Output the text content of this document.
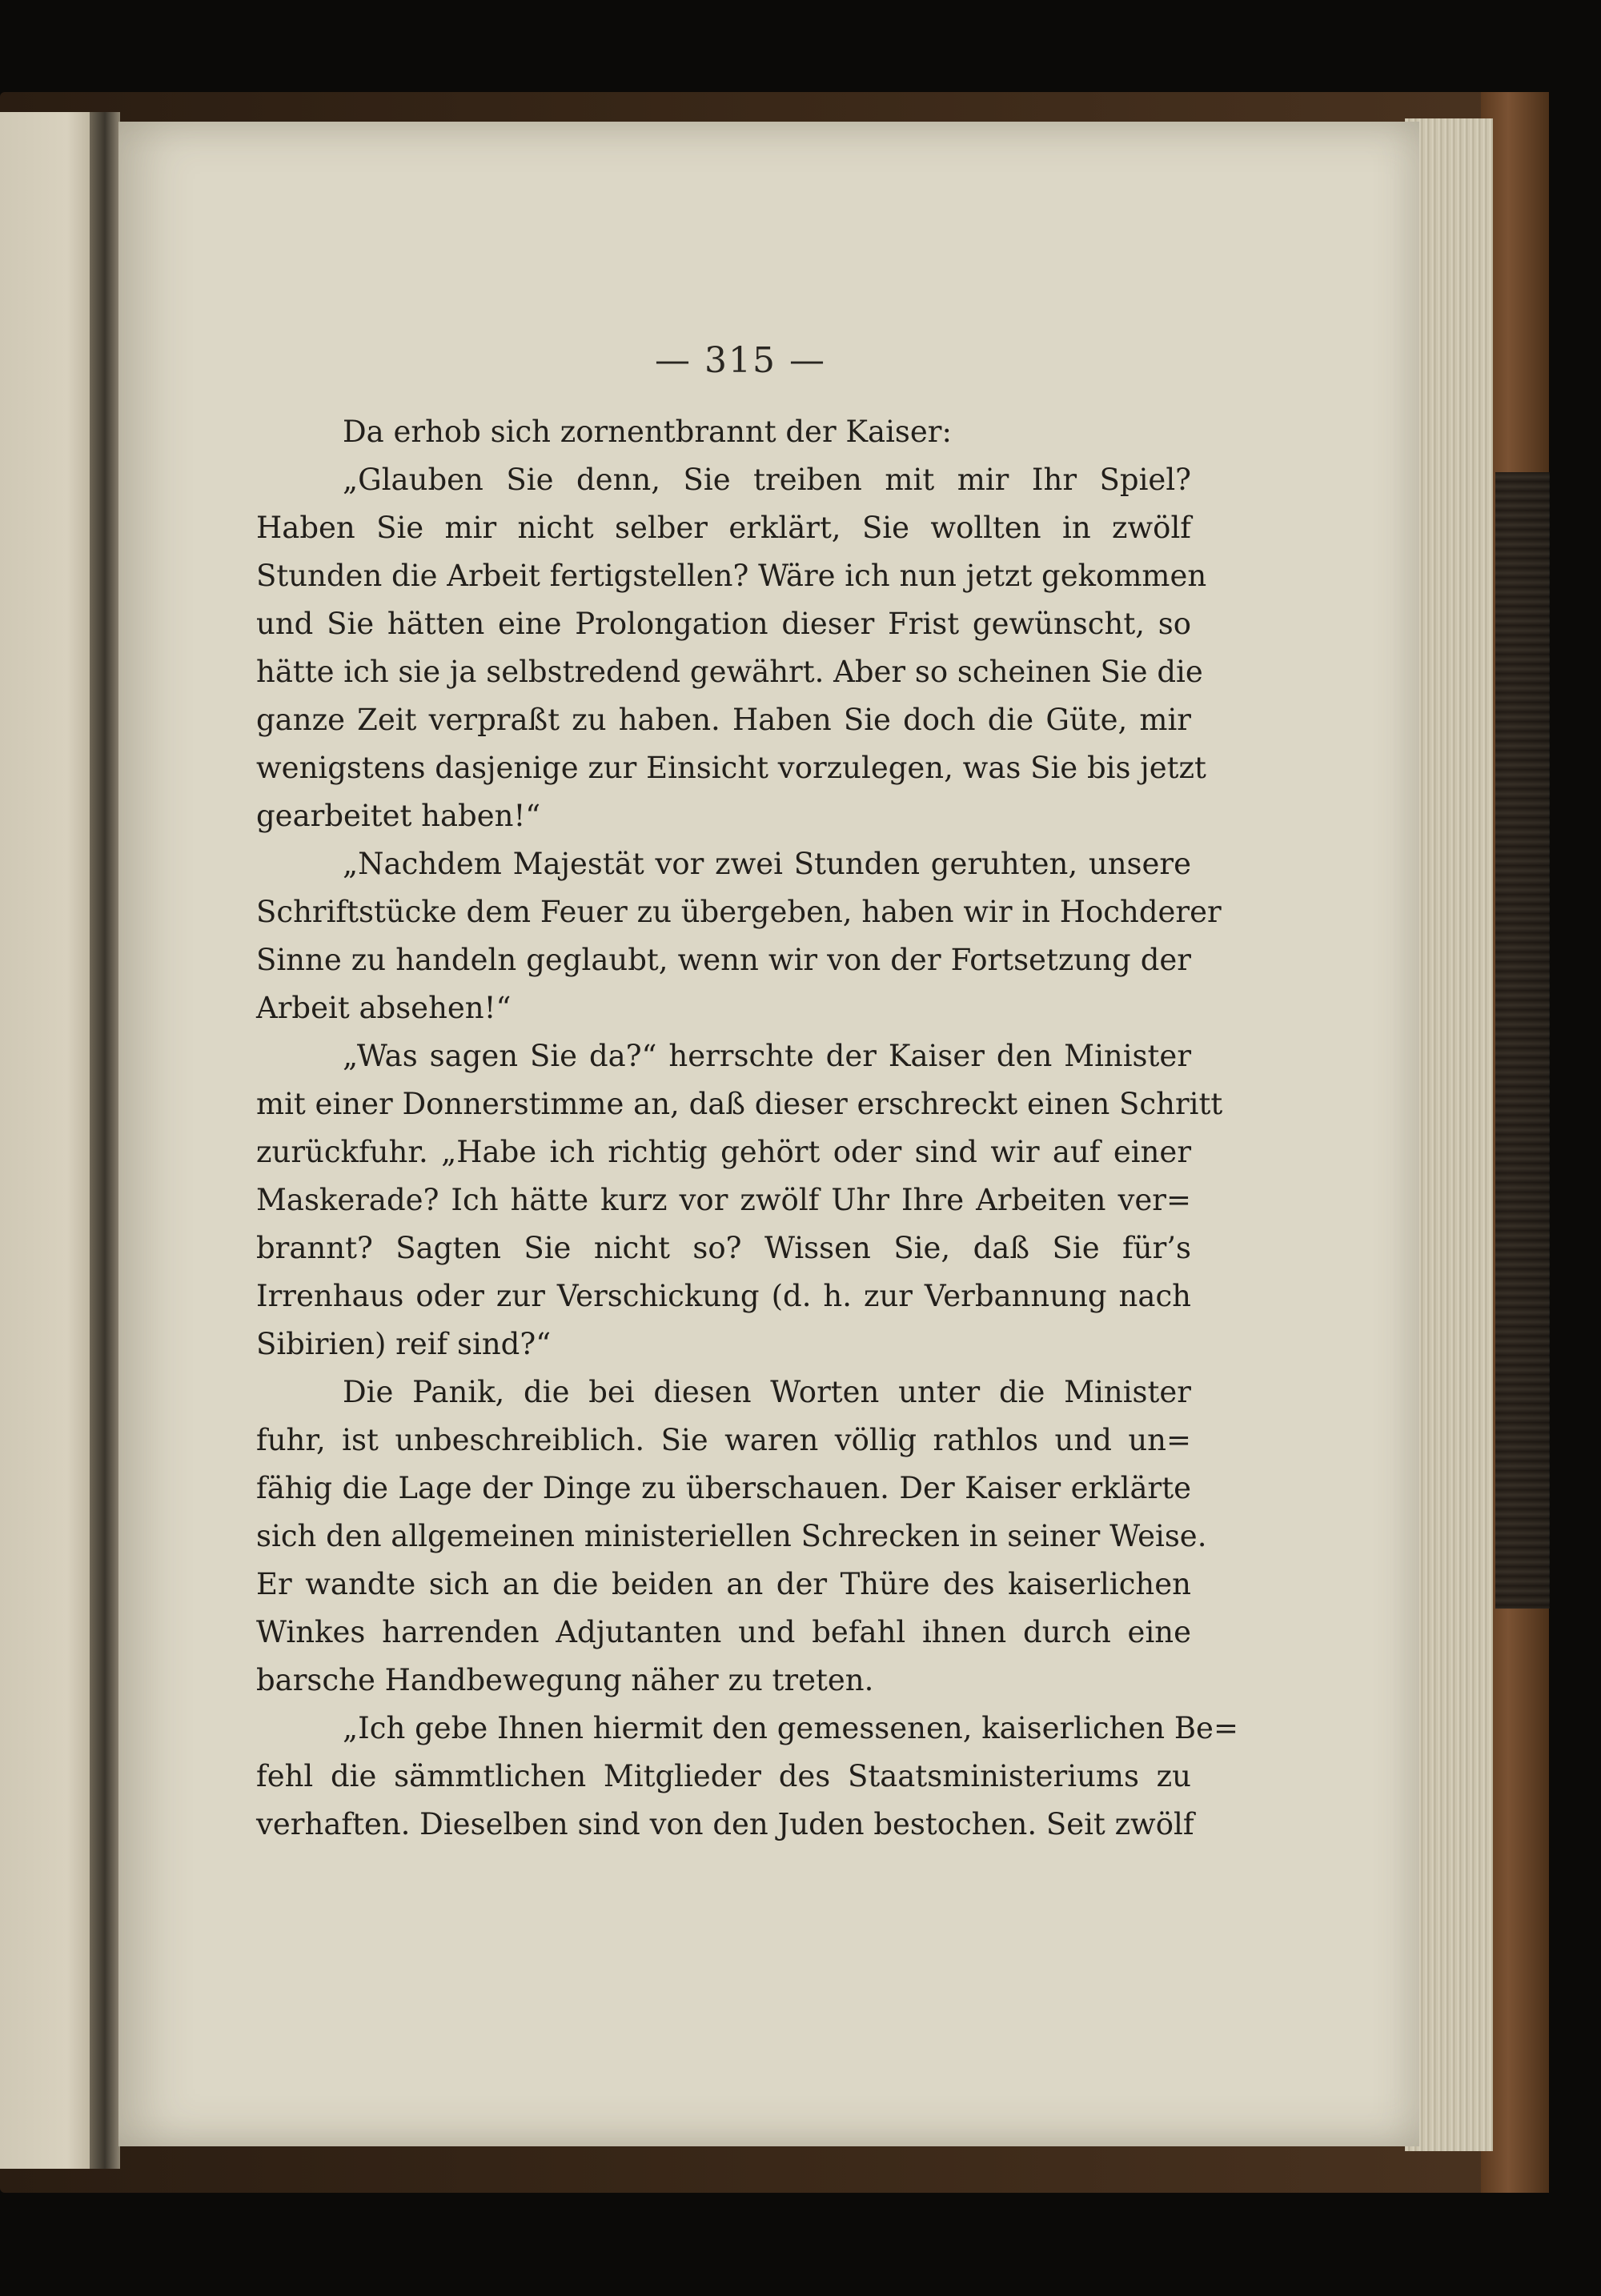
— 315 —
Da erhob sich zornentbrannt der Kaiser:
„Glauben Sie denn, Sie treiben mit mir Ihr Spiel?
Haben Sie mir nicht selber erklärt, Sie wollten in zwölf
Stunden die Arbeit fertigstellen? Wäre ich nun jetzt gekommen
und Sie hätten eine Prolongation dieser Frist gewünscht, so
hätte ich sie ja selbstredend gewährt. Aber so scheinen Sie die
ganze Zeit verpraßt zu haben. Haben Sie doch die Güte, mir
wenigstens dasjenige zur Einsicht vorzulegen, was Sie bis jetzt
gearbeitet haben!“
„Nachdem Majestät vor zwei Stunden geruhten, unsere
Schriftstücke dem Feuer zu übergeben, haben wir in Hochderer
Sinne zu handeln geglaubt, wenn wir von der Fortsetzung der
Arbeit absehen!“
„Was sagen Sie da?“ herrschte der Kaiser den Minister
mit einer Donnerstimme an, daß dieser erschreckt einen Schritt
zurückfuhr. „Habe ich richtig gehört oder sind wir auf einer
Maskerade? Ich hätte kurz vor zwölf Uhr Ihre Arbeiten ver=
brannt? Sagten Sie nicht so? Wissen Sie, daß Sie für’s
Irrenhaus oder zur Verschickung (d. h. zur Verbannung nach
Sibirien) reif sind?“
Die Panik, die bei diesen Worten unter die Minister
fuhr, ist unbeschreiblich. Sie waren völlig rathlos und un=
fähig die Lage der Dinge zu überschauen. Der Kaiser erklärte
sich den allgemeinen ministeriellen Schrecken in seiner Weise.
Er wandte sich an die beiden an der Thüre des kaiserlichen
Winkes harrenden Adjutanten und befahl ihnen durch eine
barsche Handbewegung näher zu treten.
„Ich gebe Ihnen hiermit den gemessenen, kaiserlichen Be=
fehl die sämmtlichen Mitglieder des Staatsministeriums zu
verhaften. Dieselben sind von den Juden bestochen. Seit zwölf
